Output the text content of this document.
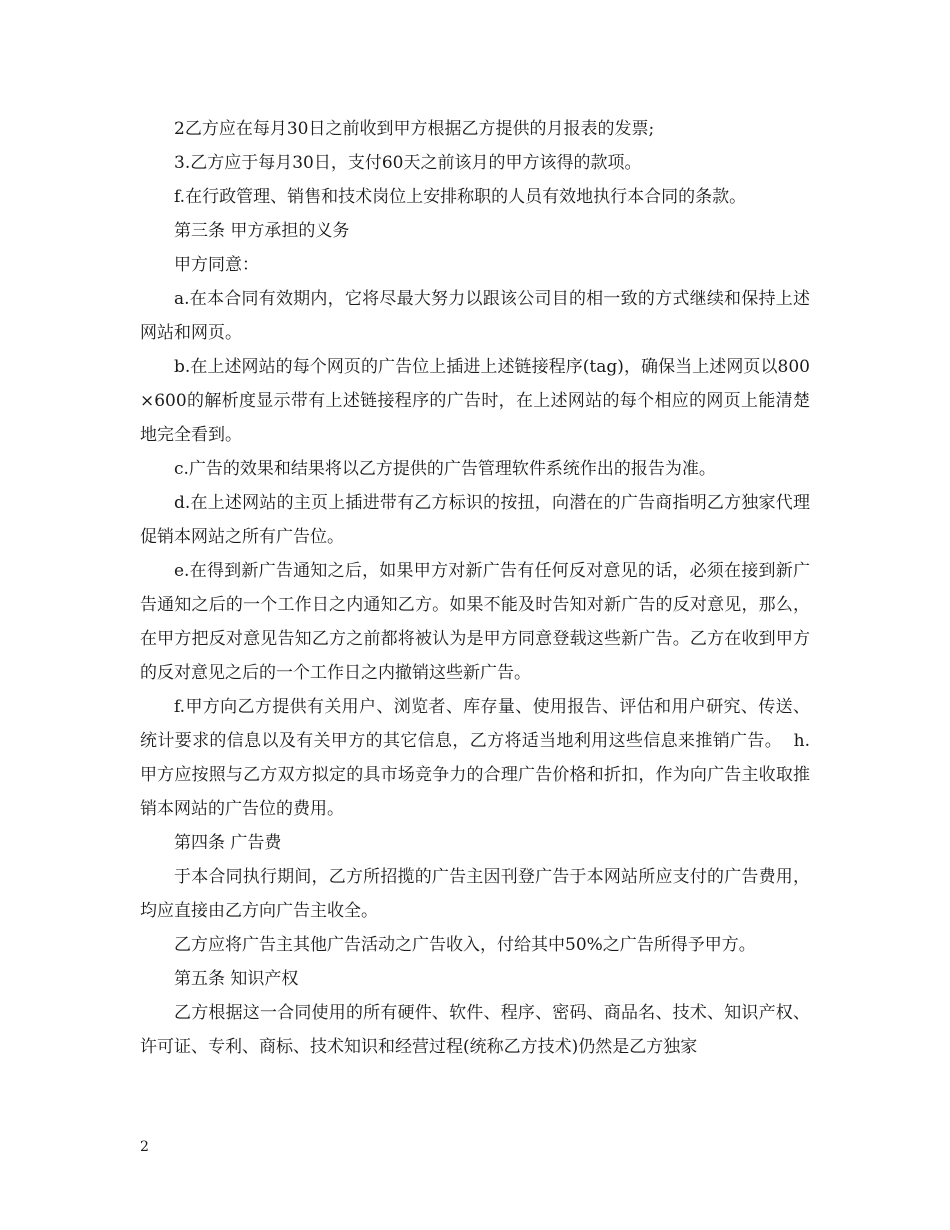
2乙方应在每月30日之前收到甲方根据乙方提供的月报表的发票;

3.乙方应于每月30日，支付60天之前该月的甲方该得的款项。

f.在行政管理、销售和技术岗位上安排称职的人员有效地执行本合同的条款。

第三条 甲方承担的义务

甲方同意：

a.在本合同有效期内，它将尽最大努力以跟该公司目的相一致的方式继续和保持上述网站和网页。

b.在上述网站的每个网页的广告位上插进上述链接程序(tag)，确保当上述网页以800×600的解析度显示带有上述链接程序的广告时，在上述网站的每个相应的网页上能清楚地完全看到。

c.广告的效果和结果将以乙方提供的广告管理软件系统作出的报告为准。

d.在上述网站的主页上插进带有乙方标识的按扭，向潜在的广告商指明乙方独家代理促销本网站之所有广告位。

e.在得到新广告通知之后，如果甲方对新广告有任何反对意见的话，必须在接到新广告通知之后的一个工作日之内通知乙方。如果不能及时告知对新广告的反对意见，那么，在甲方把反对意见告知乙方之前都将被认为是甲方同意登载这些新广告。乙方在收到甲方的反对意见之后的一个工作日之内撤销这些新广告。

f.甲方向乙方提供有关用户、浏览者、库存量、使用报告、评估和用户研究、传送、统计要求的信息以及有关甲方的其它信息，乙方将适当地利用这些信息来推销广告。  h.甲方应按照与乙方双方拟定的具市场竞争力的合理广告价格和折扣，作为向广告主收取推销本网站的广告位的费用。

第四条 广告费

于本合同执行期间，乙方所招揽的广告主因刊登广告于本网站所应支付的广告费用，均应直接由乙方向广告主收全。

乙方应将广告主其他广告活动之广告收入，付给其中50%之广告所得予甲方。

第五条 知识产权

乙方根据这一合同使用的所有硬件、软件、程序、密码、商品名、技术、知识产权、许可证、专利、商标、技术知识和经营过程(统称乙方技术)仍然是乙方独家

2
